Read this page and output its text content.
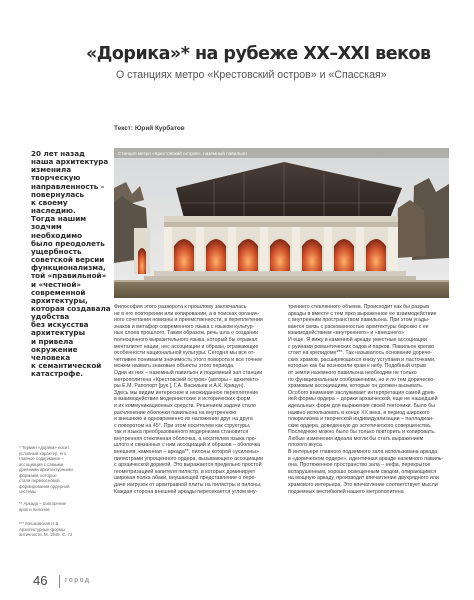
«Дорика»* на рубеже XX–XXI веков
О станциях метро «Крестовский остров» и «Спасская»
Текст: Юрий Курбатов
20 лет назад
наша архитектура
изменила
творческую
направленность –
повернулась
к своему
наследию.
Тогда нашим
зодчим
необходимо
было преодолеть
ущербность
советской версии
функционализма,
той «правильной»
и «честной»
современной
архитектуры,
которая создавала
удобства
без искусства
архитектуры
и привела
окружение
человека
к семантической
катастрофе.
* Термин «дорика» носит
условный характер, его
главное содержание –
ассоциация с самыми
древними архитектурными
формами, которые
стали первоосновой
формирования ордерной
системы
** Аркада – повторение
арок и пилонов
*** Мешковская Н.Б.
Архитектурные формы
античности. М. 1949. С. 72
Станция метро «Крестовский остров», наземный павильон
Философия этого разворота к прошлому заключалась
не в его повторении или копировании, а в поисках органич-
ного сочетания новизны и преемственности, в переплетении
знаков и метафор современного языка с языком культур-
ных слоев прошлого. Таким образом, речь шла о создании
полноценного выразительного языка, который бы отражал
менталитет нации, нес ассоциации и образы, отражающие
особенности национальной культуры. Сегодня мы все от-
четливее понимаем значимость этого поворота и все точнее
можем назвать знаковые объекты этого периода.
Одни из них – наземный павильон и подземный зал станции
метрополитена «Крестовский остров» (авторы – архитекто-
ры Е.М. Рапопорт [рук.], Г.А. Васильев и А.К. Крицун).
Здесь мы видим интересное и неожиданное переплетение
в взаимодействие модернистских и исторических форм
и их коммуникационных средств. Решением задачи стало
расчленение оболочки павильона на внутреннюю
и внешнюю и одновременно их наложение друг на друга
с поворотом на 45°. При этом носителем как структуры,
так и языка преобразованного модернизма становится
внутренняя стеклянная оболочка, а носителем языка про-
шлого и связанных с ним ассоциаций и образов – оболочка
внешняя, каменная – аркада**, пилоны которой «усилены»
пилястрами упрощенного ордера, вызывающего ассоциации
с архаической дорикой. Это выражается предельно простой
геометризацией капителя пилястр, в которых доминирует
широкая полка абаки, внушающей представление о пере-
даче нагрузок от архитравной плиты на пилястры и пилоны.
Каждая сторона внешней аркады пересекается углом вну-
треннего стеклянного объема. Происходит как бы разрыв
аркады в вместе с тем ярко выраженное ее взаимодействие
с внутренним пространством павильона. При этом угады-
вается связь с раскованностью архитектуры барокко с ее
взаимодействием «внутреннего» и «внешнего»
И еще. Я вижу в каменной аркаде уместные ассоциации
с руинами романтических садов и парков. Павильон крепко
стоит на крепидоме***. Так называлось основание дориче-
ских храмов, расширяющихся книзу уступами и ласточками,
которые как бы возносили храм к небу. Подобный отрыв
от земли наземного павильона необходим не только
по функциональным соображениям, но и по тем дорическо-
храмовым ассоциациям, которые он должен вызывать.
Особого внимания заслуживает интерпретация самой древ-
ней формы ордера – дорики архаической, еще не нашедшей
идеальных форм для выражения своей тектоники. Было бы
наивно использовать в конце XX века, в период широкого
плюрализма и творческой индивидуализации – палладиан-
ские ордера, доведенную до эстетического совершенства.
Последнюю можно было бы только повторить и копировать.
Любые изменения идеала могли бы стать выражением
плохого вкуса.
В интерьере главного подземного зала использована аркада
в «дорическом ордере», идентичная аркаде наземного павиль-
она. Протяженное пространство зала – нефа, перекрытое
вспарушенным, хорошо освещенным сводом, опирающимся
на мощную аркаду, производит впечатление двухрядного или
храмового интерьера. Это впечатление соответствует мысли
подземных вестибюлей нашего метрополитена
46	город
